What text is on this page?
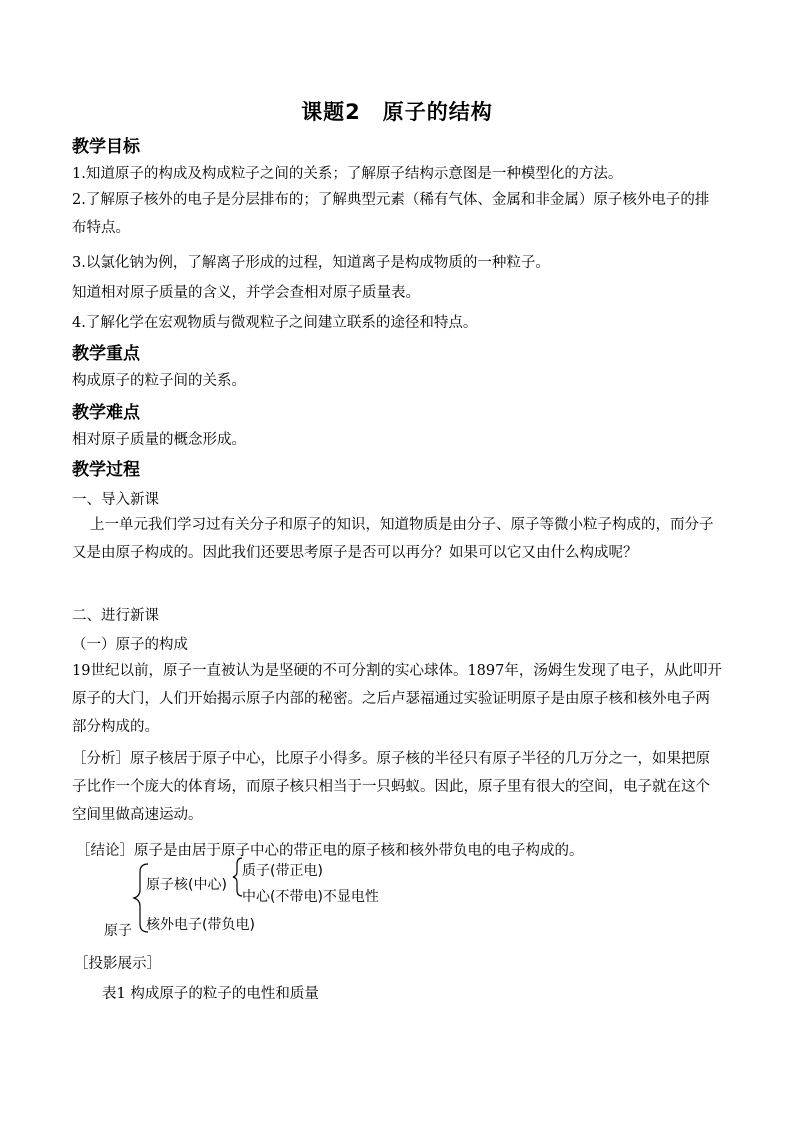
课题2　原子的结构
教学目标
1.知道原子的构成及构成粒子之间的关系；了解原子结构示意图是一种模型化的方法。
2.了解原子核外的电子是分层排布的；了解典型元素（稀有气体、金属和非金属）原子核外电子的排布特点。
3.以氯化钠为例，了解离子形成的过程，知道离子是构成物质的一种粒子。
知道相对原子质量的含义，并学会查相对原子质量表。
4.了解化学在宏观物质与微观粒子之间建立联系的途径和特点。
教学重点
构成原子的粒子间的关系。
教学难点
相对原子质量的概念形成。
教学过程
一、导入新课
上一单元我们学习过有关分子和原子的知识，知道物质是由分子、原子等微小粒子构成的，而分子又是由原子构成的。因此我们还要思考原子是否可以再分？如果可以它又由什么构成呢？
二、进行新课
（一）原子的构成
19世纪以前，原子一直被认为是坚硬的不可分割的实心球体。1897年，汤姆生发现了电子，从此叩开原子的大门，人们开始揭示原子内部的秘密。之后卢瑟福通过实验证明原子是由原子核和核外电子两部分构成的。
［分析］原子核居于原子中心，比原子小得多。原子核的半径只有原子半径的几万分之一，如果把原子比作一个庞大的体育场，而原子核只相当于一只蚂蚁。因此，原子里有很大的空间，电子就在这个空间里做高速运动。
［结论］原子是由居于原子中心的带正电的原子核和核外带负电的电子构成的。
原子
原子核(中心)
质子(带正电)
中心(不带电)不显电性
核外电子(带负电)
［投影展示］
表1 构成原子的粒子的电性和质量
